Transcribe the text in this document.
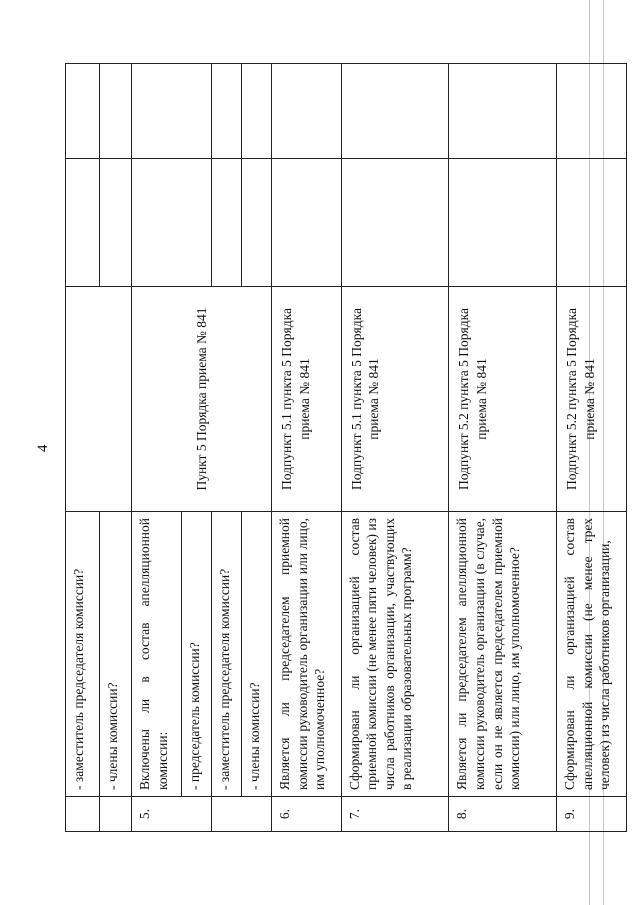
4
	- заместитель председателя комиссии?			
	- члены комиссии?			
5.	Включены ли в состав апелляционной комиссии:	Пункт 5 Порядка приема № 841		
	- председатель комиссии?			
	- заместитель председателя комиссии?			
	- члены комиссии?			
6.	Является ли председателем приемной комиссии руководитель организации или лицо, им уполномоченное?	Подпункт 5.1 пункта 5 Порядка приема № 841		
7.	Сформирован ли организацией состав приемной комиссии (не менее пяти человек) из числа работников организации, участвующих в реализации образовательных программ?	Подпункт 5.1 пункта 5 Порядка приема № 841		
8.	Является ли председателем апелляционной комиссии руководитель организации (в случае, если он не является председателем приемной комиссии) или лицо, им уполномоченное?	Подпункт 5.2 пункта 5 Порядка приема № 841		
9.	Сформирован ли организацией состав апелляционной комиссии (не менее трех человек) из числа работников организации,	Подпункт 5.2 пункта 5 Порядка приема № 841		
